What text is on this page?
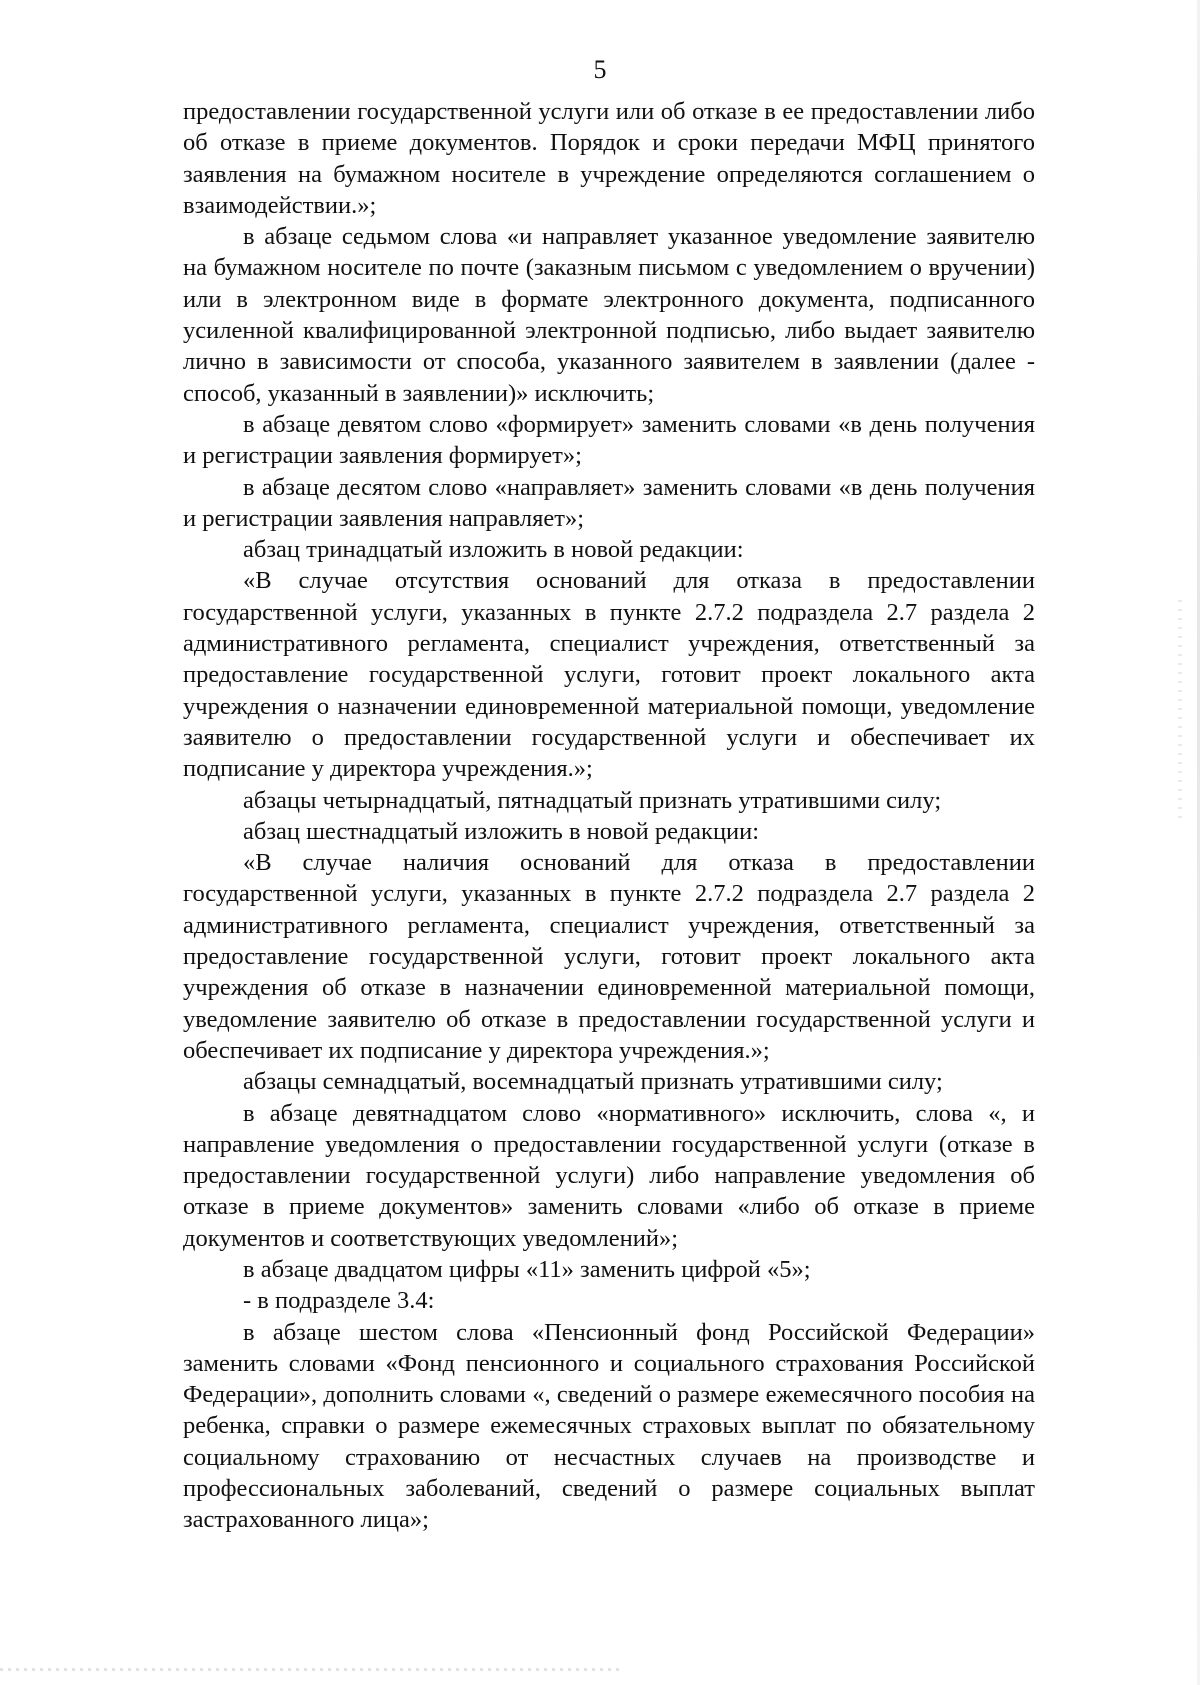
5

предоставлении государственной услуги или об отказе в ее предоставлении либо об отказе в приеме документов. Порядок и сроки передачи МФЦ принятого заявления на бумажном носителе в учреждение определяются соглашением о взаимодействии.»;

в абзаце седьмом слова «и направляет указанное уведомление заявителю на бумажном носителе по почте (заказным письмом с уведомлением о вручении) или в электронном виде в формате электронного документа, подписанного усиленной квалифицированной электронной подписью, либо выдает заявителю лично в зависимости от способа, указанного заявителем в заявлении (далее - способ, указанный в заявлении)» исключить;

в абзаце девятом слово «формирует» заменить словами «в день получения и регистрации заявления формирует»;

в абзаце десятом слово «направляет» заменить словами «в день получения и регистрации заявления направляет»;

абзац тринадцатый изложить в новой редакции:

«В случае отсутствия оснований для отказа в предоставлении государственной услуги, указанных в пункте 2.7.2 подраздела 2.7 раздела 2 административного регламента, специалист учреждения, ответственный за предоставление государственной услуги, готовит проект локального акта учреждения о назначении единовременной материальной помощи, уведомление заявителю о предоставлении государственной услуги и обеспечивает их подписание у директора учреждения.»;

абзацы четырнадцатый, пятнадцатый признать утратившими силу;

абзац шестнадцатый изложить в новой редакции:

«В случае наличия оснований для отказа в предоставлении государственной услуги, указанных в пункте 2.7.2 подраздела 2.7 раздела 2 административного регламента, специалист учреждения, ответственный за предоставление государственной услуги, готовит проект локального акта учреждения об отказе в назначении единовременной материальной помощи, уведомление заявителю об отказе в предоставлении государственной услуги и обеспечивает их подписание у директора учреждения.»;

абзацы семнадцатый, восемнадцатый признать утратившими силу;

в абзаце девятнадцатом слово «нормативного» исключить, слова «, и направление уведомления о предоставлении государственной услуги (отказе в предоставлении государственной услуги) либо направление уведомления об отказе в приеме документов» заменить словами «либо об отказе в приеме документов и соответствующих уведомлений»;

в абзаце двадцатом цифры «11» заменить цифрой «5»;

- в подразделе 3.4:

в абзаце шестом слова «Пенсионный фонд Российской Федерации» заменить словами «Фонд пенсионного и социального страхования Российской Федерации», дополнить словами «, сведений о размере ежемесячного пособия на ребенка, справки о размере ежемесячных страховых выплат по обязательному социальному страхованию от несчастных случаев на производстве и профессиональных заболеваний, сведений о размере социальных выплат застрахованного лица»;
